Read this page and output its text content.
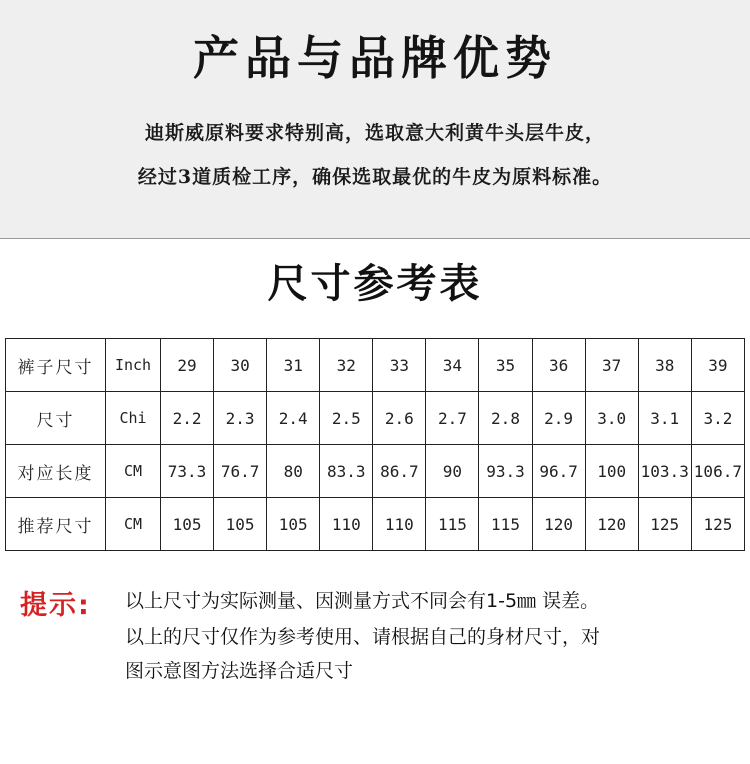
产品与品牌优势
迪斯威原料要求特别高，选取意大利黄牛头层牛皮，
经过3道质检工序，确保选取最优的牛皮为原料标准。
尺寸参考表
裤子尺寸	Inch	29	30	31	32	33	34	35	36	37	38	39
尺寸	Chi	2.2	2.3	2.4	2.5	2.6	2.7	2.8	2.9	3.0	3.1	3.2
对应长度	CM	73.3	76.7	80	83.3	86.7	90	93.3	96.7	100	103.3	106.7
推荐尺寸	CM	105	105	105	110	110	115	115	120	120	125	125
提示: 以上尺寸为实际测量、因测量方式不同会有1-5㎜ 误差。
以上的尺寸仅作为参考使用、请根据自己的身材尺寸，对
图示意图方法选择合适尺寸
